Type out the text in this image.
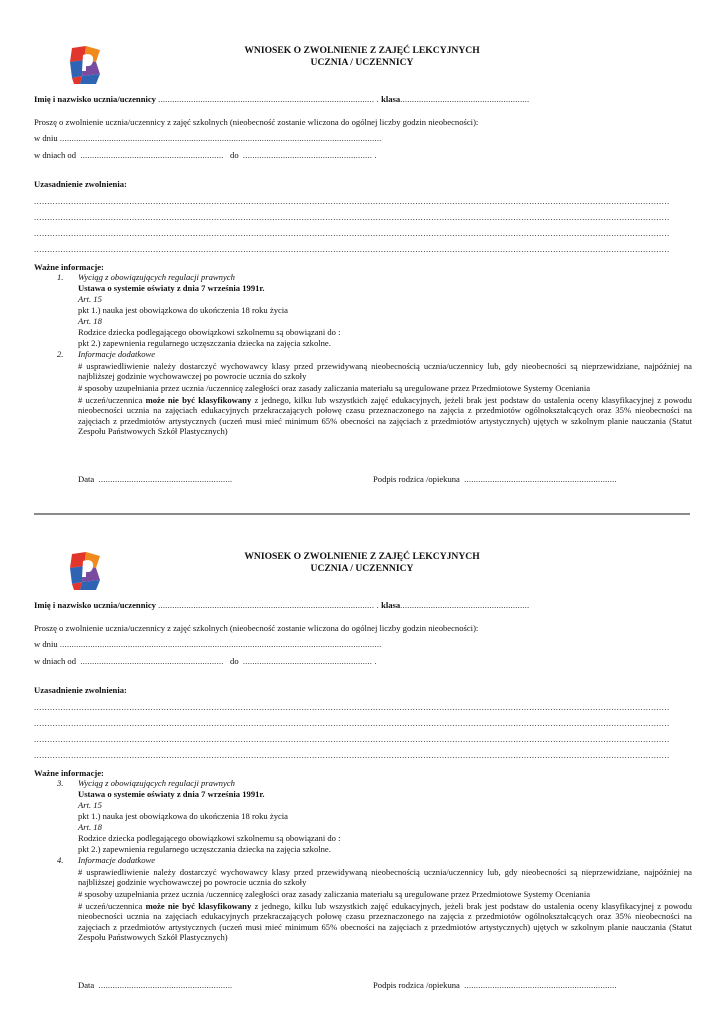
WNIOSEK O ZWOLNIENIE Z ZAJĘĆ LEKCYJNYCH
UCZNIA / UCZENNICY
Imię i nazwisko ucznia/uczennicy ............................................................................................ . klasa.......................................................
Proszę o zwolnienie ucznia/uczennicy z zajęć szkolnych (nieobecność zostanie wliczona do ogólnej liczby godzin nieobecności):
w dniu .........................................................................................................................................
w dniach od ............................................................. do ....................................................... .
Uzasadnienie zwolnienia:
................................................................................................................................................................................................................................................
................................................................................................................................................................................................................................................
................................................................................................................................................................................................................................................
................................................................................................................................................................................................................................................
Ważne informacje:
1. Wyciąg z obowiązujących regulacji prawnych
Ustawa o systemie oświaty z dnia 7 września 1991r.
Art. 15
pkt 1.) nauka jest obowiązkowa do ukończenia 18 roku życia
Art. 18
Rodzice dziecka podlegającego obowiązkowi szkolnemu są obowiązani do :
pkt 2.) zapewnienia regularnego uczęszczania dziecka na zajęcia szkolne.
2. Informacje dodatkowe
# usprawiedliwienie należy dostarczyć wychowawcy klasy przed przewidywaną nieobecnością ucznia/uczennicy lub, gdy nieobecności są nieprzewidziane, najpóźniej na najbliższej godzinie wychowawczej po powrocie ucznia do szkoły
# sposoby uzupełniania przez ucznia /uczennicę zaległości oraz zasady zaliczania materiału są uregulowane przez Przedmiotowe Systemy Oceniania
# uczeń/uczennica może nie być klasyfikowany z jednego, kilku lub wszystkich zajęć edukacyjnych, jeżeli brak jest podstaw do ustalenia oceny klasyfikacyjnej z powodu nieobecności ucznia na zajęciach edukacyjnych przekraczających połowę czasu przeznaczonego na zajęcia z przedmiotów ogólnokształcących oraz 35% nieobecności na zajęciach z przedmiotów artystycznych (uczeń musi mieć minimum 65% obecności na zajęciach z przedmiotów artystycznych) ujętych w szkolnym planie nauczania (Statut Zespołu Państwowych Szkół Plastycznych)
Data .........................................................	Podpis rodzica /opiekuna .................................................................
WNIOSEK O ZWOLNIENIE Z ZAJĘĆ LEKCYJNYCH
UCZNIA / UCZENNICY
Imię i nazwisko ucznia/uczennicy ............................................................................................ . klasa.......................................................
Proszę o zwolnienie ucznia/uczennicy z zajęć szkolnych (nieobecność zostanie wliczona do ogólnej liczby godzin nieobecności):
w dniu .........................................................................................................................................
w dniach od ............................................................. do ....................................................... .
Uzasadnienie zwolnienia:
................................................................................................................................................................................................................................................
................................................................................................................................................................................................................................................
................................................................................................................................................................................................................................................
................................................................................................................................................................................................................................................
Ważne informacje:
3. Wyciąg z obowiązujących regulacji prawnych
Ustawa o systemie oświaty z dnia 7 września 1991r.
Art. 15
pkt 1.) nauka jest obowiązkowa do ukończenia 18 roku życia
Art. 18
Rodzice dziecka podlegającego obowiązkowi szkolnemu są obowiązani do :
pkt 2.) zapewnienia regularnego uczęszczania dziecka na zajęcia szkolne.
4. Informacje dodatkowe
# usprawiedliwienie należy dostarczyć wychowawcy klasy przed przewidywaną nieobecnością ucznia/uczennicy lub, gdy nieobecności są nieprzewidziane, najpóźniej na najbliższej godzinie wychowawczej po powrocie ucznia do szkoły
# sposoby uzupełniania przez ucznia /uczennicę zaległości oraz zasady zaliczania materiału są uregulowane przez Przedmiotowe Systemy Oceniania
# uczeń/uczennica może nie być klasyfikowany z jednego, kilku lub wszystkich zajęć edukacyjnych, jeżeli brak jest podstaw do ustalenia oceny klasyfikacyjnej z powodu nieobecności ucznia na zajęciach edukacyjnych przekraczających połowę czasu przeznaczonego na zajęcia z przedmiotów ogólnokształcących oraz 35% nieobecności na zajęciach z przedmiotów artystycznych (uczeń musi mieć minimum 65% obecności na zajęciach z przedmiotów artystycznych) ujętych w szkolnym planie nauczania (Statut Zespołu Państwowych Szkół Plastycznych)
Data .........................................................	Podpis rodzica /opiekuna .................................................................
